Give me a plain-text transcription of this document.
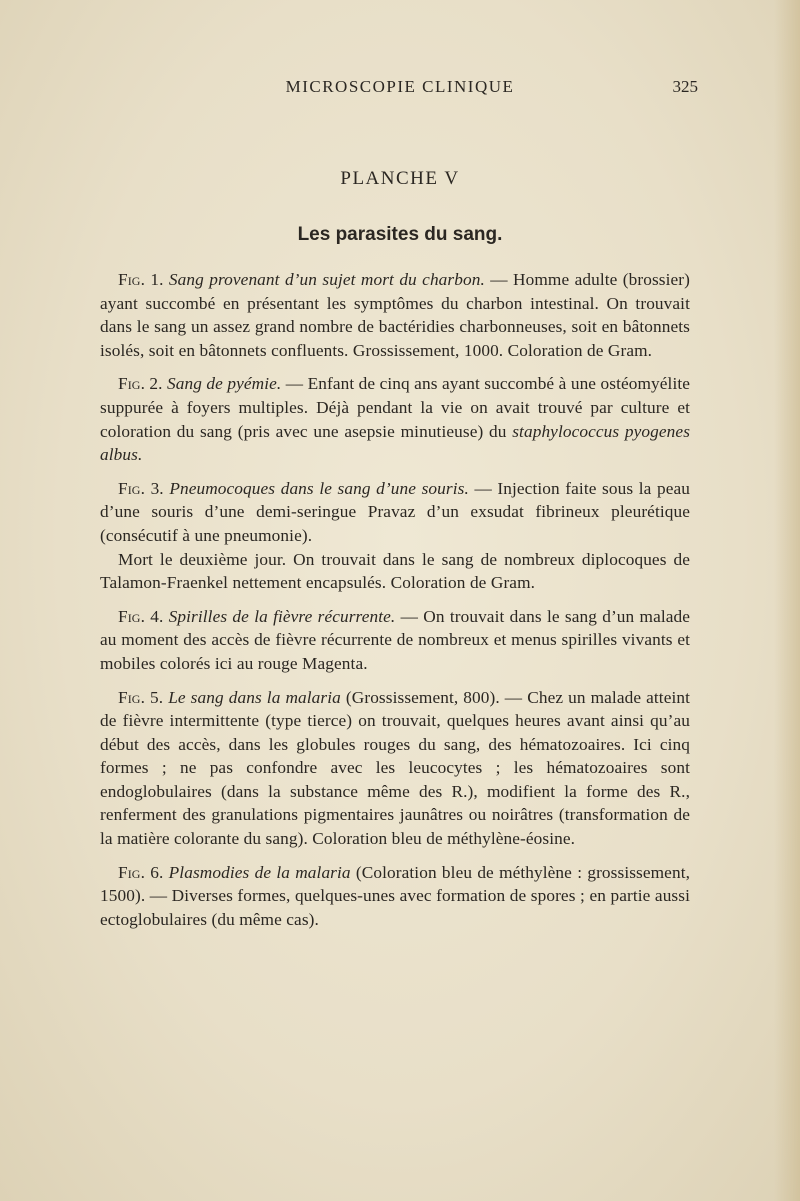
MICROSCOPIE CLINIQUE	325
PLANCHE V
Les parasites du sang.

Fig. 1. Sang provenant d’un sujet mort du charbon. — Homme adulte (brossier) ayant succombé en présentant les symptômes du charbon intestinal. On trouvait dans le sang un assez grand nombre de bactéridies charbonneuses, soit en bâtonnets isolés, soit en bâtonnets confluents. Grossissement, 1000. Coloration de Gram.

Fig. 2. Sang de pyémie. — Enfant de cinq ans ayant succombé à une ostéomyélite suppurée à foyers multiples. Déjà pendant la vie on avait trouvé par culture et coloration du sang (pris avec une asepsie minutieuse) du staphylococcus pyogenes albus.

Fig. 3. Pneumocoques dans le sang d’une souris. — Injection faite sous la peau d’une souris d’une demi-seringue Pravaz d’un exsudat fibrineux pleurétique (consécutif à une pneumonie).
Mort le deuxième jour. On trouvait dans le sang de nombreux diplocoques de Talamon-Fraenkel nettement encapsulés. Coloration de Gram.

Fig. 4. Spirilles de la fièvre récurrente. — On trouvait dans le sang d’un malade au moment des accès de fièvre récurrente de nombreux et menus spirilles vivants et mobiles colorés ici au rouge Magenta.

Fig. 5. Le sang dans la malaria (Grossissement, 800). — Chez un malade atteint de fièvre intermittente (type tierce) on trouvait, quelques heures avant ainsi qu’au début des accès, dans les globules rouges du sang, des hématozoaires. Ici cinq formes ; ne pas confondre avec les leucocytes ; les hématozoaires sont endoglobulaires (dans la substance même des R.), modifient la forme des R., renferment des granulations pigmentaires jaunâtres ou noirâtres (transformation de la matière colorante du sang). Coloration bleu de méthylène-éosine.

Fig. 6. Plasmodies de la malaria (Coloration bleu de méthylène : grossissement, 1500). — Diverses formes, quelques-unes avec formation de spores ; en partie aussi ectoglobulaires (du même cas).
